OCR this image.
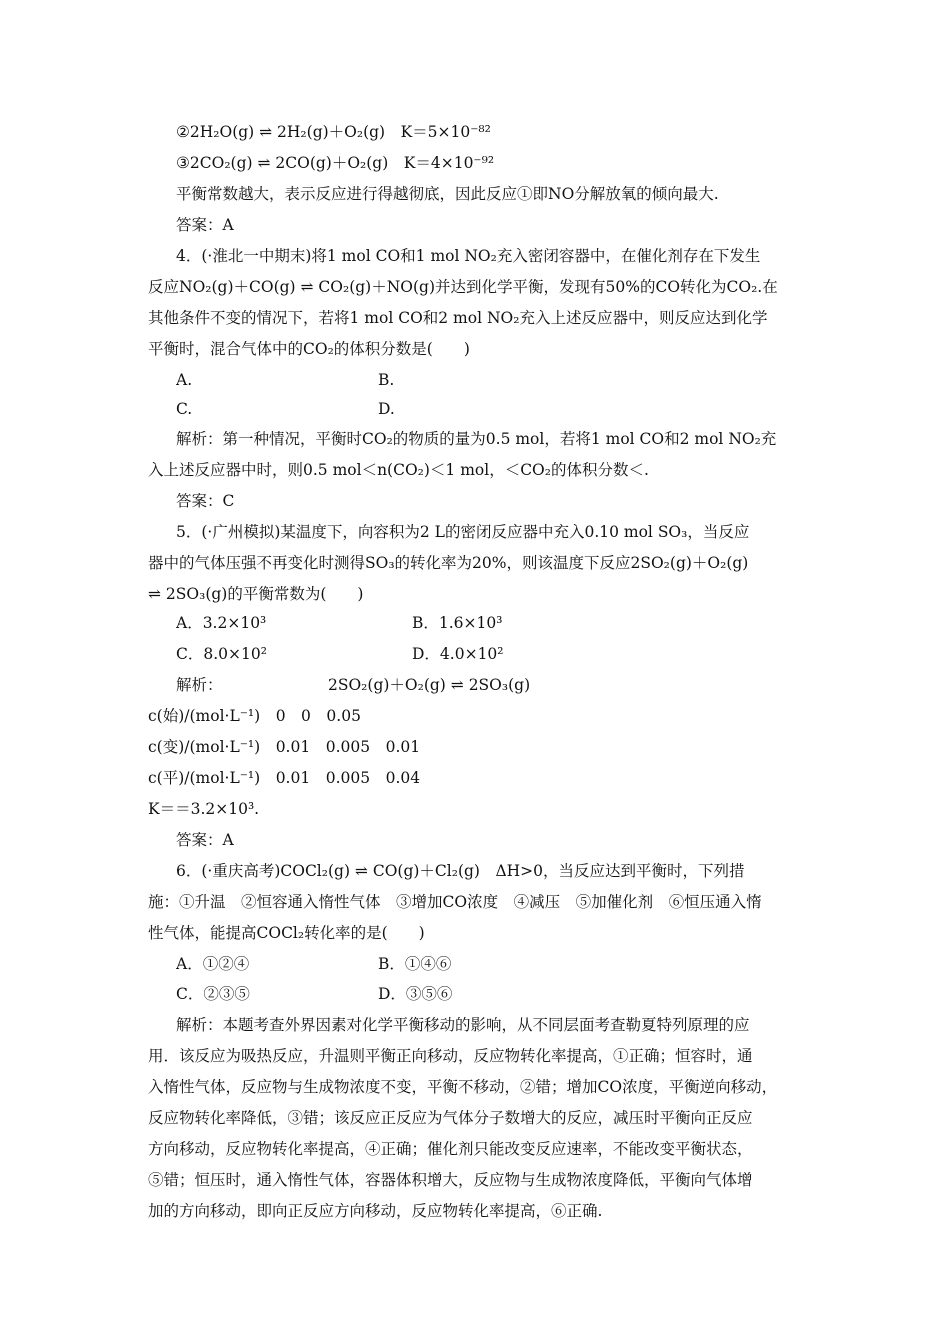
②2H₂O(g) ⇌ 2H₂(g)＋O₂(g)　K＝5×10⁻⁸²
③2CO₂(g) ⇌ 2CO(g)＋O₂(g)　K＝4×10⁻⁹²
平衡常数越大，表示反应进行得越彻底，因此反应①即NO分解放氧的倾向最大.
答案：A
4．(·淮北一中期末)将1 mol CO和1 mol NO₂充入密闭容器中，在催化剂存在下发生
反应NO₂(g)＋CO(g) ⇌ CO₂(g)＋NO(g)并达到化学平衡，发现有50%的CO转化为CO₂.在
其他条件不变的情况下，若将1 mol CO和2 mol NO₂充入上述反应器中，则反应达到化学
平衡时，混合气体中的CO₂的体积分数是(　　)
A.	B.
C.	D.
解析：第一种情况，平衡时CO₂的物质的量为0.5 mol，若将1 mol CO和2 mol NO₂充
入上述反应器中时，则0.5 mol＜n(CO₂)＜1 mol，＜CO₂的体积分数＜.
答案：C
5．(·广州模拟)某温度下，向容积为2 L的密闭反应器中充入0.10 mol SO₃，当反应
器中的气体压强不再变化时测得SO₃的转化率为20%，则该温度下反应2SO₂(g)＋O₂(g)
⇌ 2SO₃(g)的平衡常数为(　　)
A．3.2×10³	B．1.6×10³
C．8.0×10²	D．4.0×10²
解析：	2SO₂(g)＋O₂(g) ⇌ 2SO₃(g)
c(始)/(mol·L⁻¹)　0　0　0.05
c(变)/(mol·L⁻¹)　0.01　0.005　0.01
c(平)/(mol·L⁻¹)　0.01　0.005　0.04
K＝＝3.2×10³.
答案：A
6．(·重庆高考)COCl₂(g) ⇌ CO(g)＋Cl₂(g)　ΔH>0，当反应达到平衡时，下列措
施：①升温　②恒容通入惰性气体　③增加CO浓度　④减压　⑤加催化剂　⑥恒压通入惰
性气体，能提高COCl₂转化率的是(　　)
A．①②④	B．①④⑥
C．②③⑤	D．③⑤⑥
解析：本题考查外界因素对化学平衡移动的影响，从不同层面考查勒夏特列原理的应
用．该反应为吸热反应，升温则平衡正向移动，反应物转化率提高，①正确；恒容时，通
入惰性气体，反应物与生成物浓度不变，平衡不移动，②错；增加CO浓度，平衡逆向移动，
反应物转化率降低，③错；该反应正反应为气体分子数增大的反应，减压时平衡向正反应
方向移动，反应物转化率提高，④正确；催化剂只能改变反应速率，不能改变平衡状态，
⑤错；恒压时，通入惰性气体，容器体积增大，反应物与生成物浓度降低，平衡向气体增
加的方向移动，即向正反应方向移动，反应物转化率提高，⑥正确.
